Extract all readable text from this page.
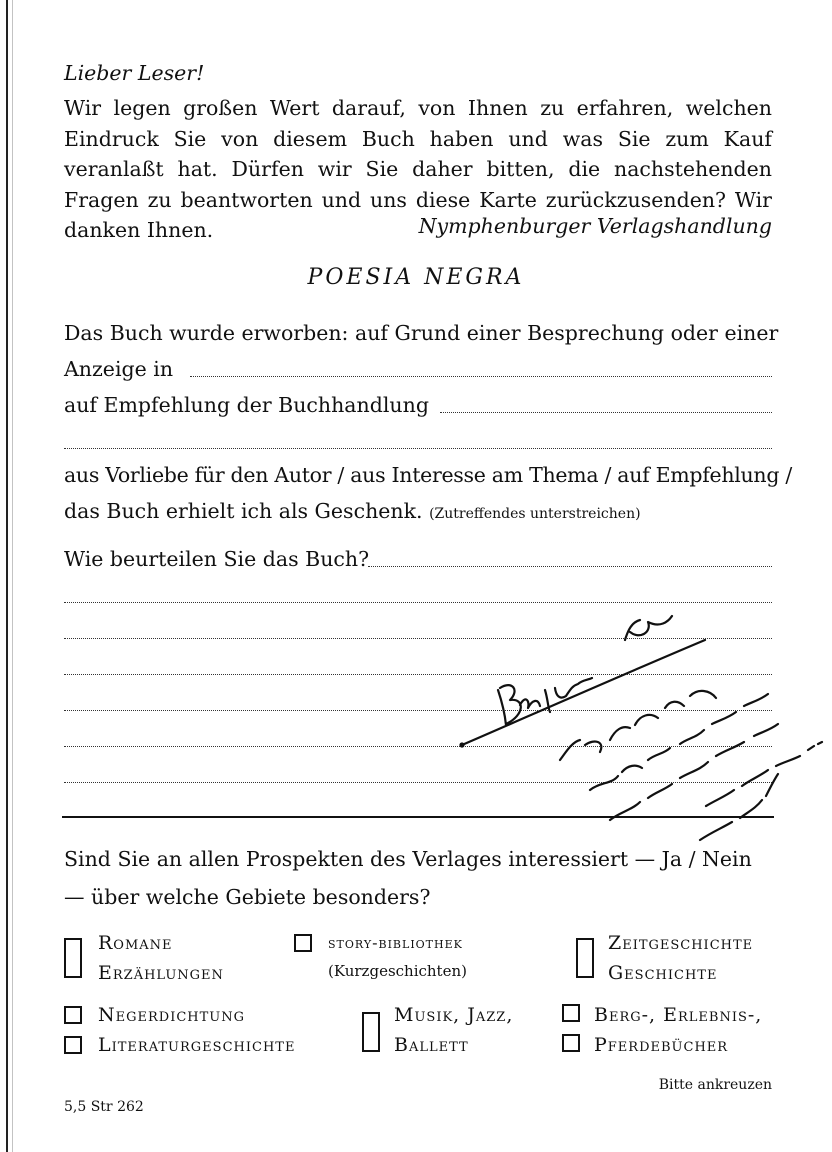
Lieber Leser!
Wir legen großen Wert darauf, von Ihnen zu erfahren, welchen Eindruck Sie von diesem Buch haben und was Sie zum Kauf veranlaßt hat. Dürfen wir Sie daher bitten, die nachstehenden Fragen zu beantworten und uns diese Karte zurückzusenden? Wir danken Ihnen.	Nymphenburger Verlagshandlung
POESIA NEGRA
Das Buch wurde erworben: auf Grund einer Besprechung oder einer
Anzeige in
auf Empfehlung der Buchhandlung
aus Vorliebe für den Autor / aus Interesse am Thema / auf Empfehlung /
das Buch erhielt ich als Geschenk. (Zutreffendes unterstreichen)
Wie beurteilen Sie das Buch?
Sind Sie an allen Prospekten des Verlages interessiert — Ja / Nein
— über welche Gebiete besonders?
Romane
Erzählungen
story-bibliothek
(Kurzgeschichten)
Zeitgeschichte
Geschichte
Negerdichtung
Literaturgeschichte
Musik, Jazz,
Ballett
Berg-, Erlebnis-,
Pferdebücher
Bitte ankreuzen
5,5 Str 262
